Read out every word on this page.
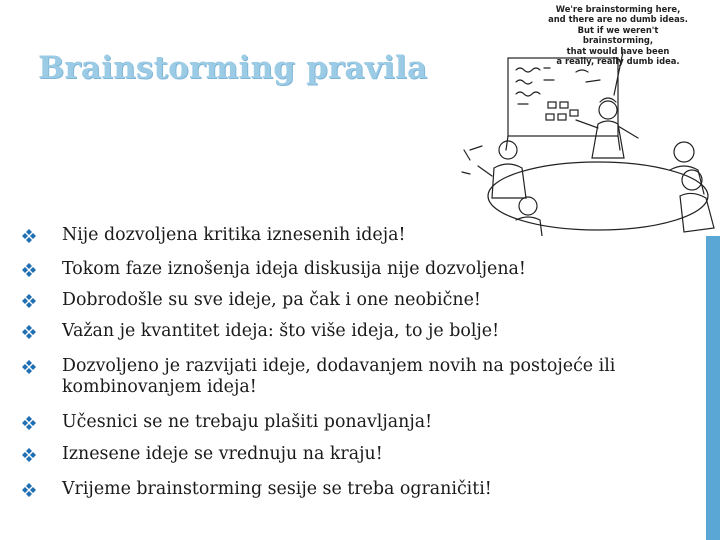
Brainstorming pravila
We're brainstorming here,
and there are no dumb ideas.
But if we weren't brainstorming,
that would have been
a really, really dumb idea.
Nije dozvoljena kritika iznesenih ideja!
Tokom faze iznošenja ideja diskusija nije dozvoljena!
Dobrodošle su sve ideje, pa čak i one neobične!
Važan je kvantitet ideja: što više ideja, to je bolje!
Dozvoljeno je razvijati ideje, dodavanjem novih na postojeće ili kombinovanjem ideja!
Učesnici se ne trebaju plašiti ponavljanja!
Iznesene ideje se vrednuju na kraju!
Vrijeme brainstorming sesije se treba ograničiti!
